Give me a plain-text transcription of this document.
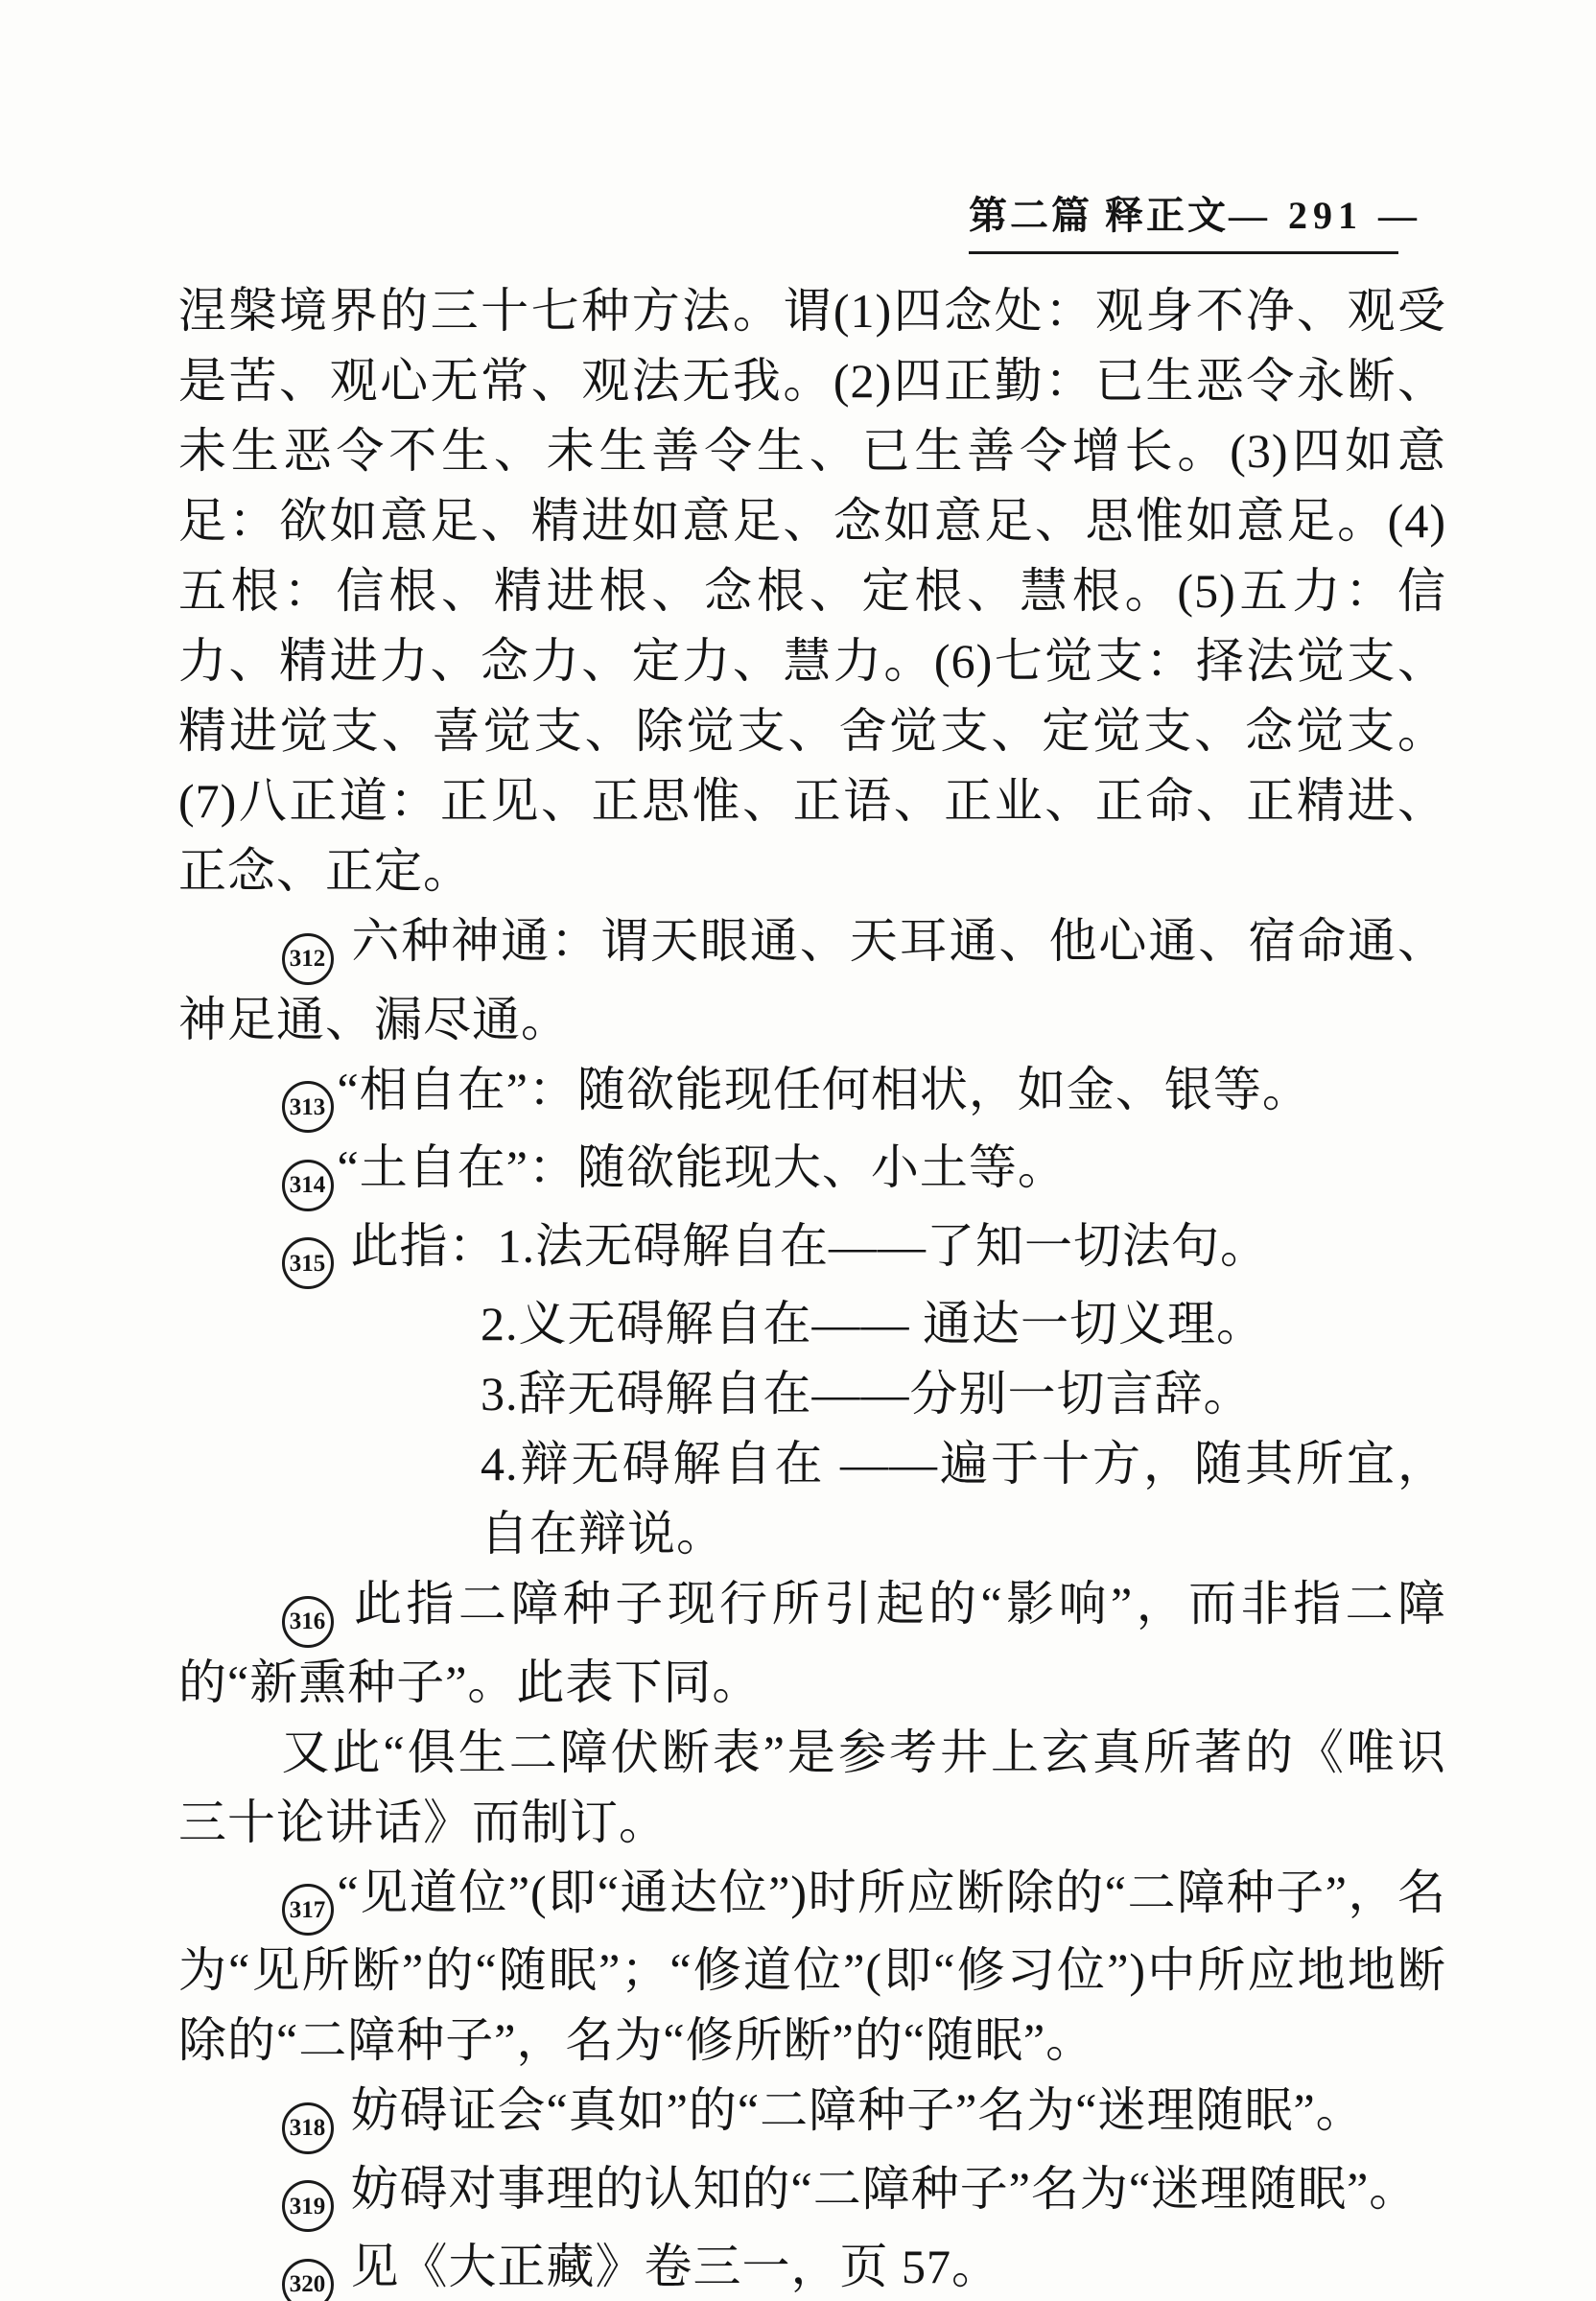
第二篇 释正文 — 291 —

涅槃境界的三十七种方法。谓(1)四念处：观身不净、观受是苦、观心无常、观法无我。(2)四正勤：已生恶令永断、未生恶令不生、未生善令生、已生善令增长。(3)四如意足：欲如意足、精进如意足、念如意足、思惟如意足。(4)五根：信根、精进根、念根、定根、慧根。(5)五力：信力、精进力、念力、定力、慧力。(6)七觉支：择法觉支、精进觉支、喜觉支、除觉支、舍觉支、定觉支、念觉支。(7)八正道：正见、正思惟、正语、正业、正命、正精进、正念、正定。

312 六种神通：谓天眼通、天耳通、他心通、宿命通、神足通、漏尽通。

313 “相自在”：随欲能现任何相状，如金、银等。

314 “土自在”：随欲能现大、小土等。

315 此指：1.法无碍解自在——了知一切法句。

2.义无碍解自在—— 通达一切义理。

3.辞无碍解自在——分别一切言辞。

4.辩无碍解自在 ——遍于十方，随其所宜，自在辩说。

316 此指二障种子现行所引起的“影响”，而非指二障的“新熏种子”。此表下同。

又此“俱生二障伏断表”是参考井上玄真所著的《唯识三十论讲话》而制订。

317 “见道位”(即“通达位”)时所应断除的“二障种子”，名为“见所断”的“随眠”；“修道位”(即“修习位”)中所应地地断除的“二障种子”，名为“修所断”的“随眠”。

318 妨碍证会“真如”的“二障种子”名为“迷理随眠”。

319 妨碍对事理的认知的“二障种子”名为“迷理随眠”。

320 见《大正藏》卷三一，页 57。
